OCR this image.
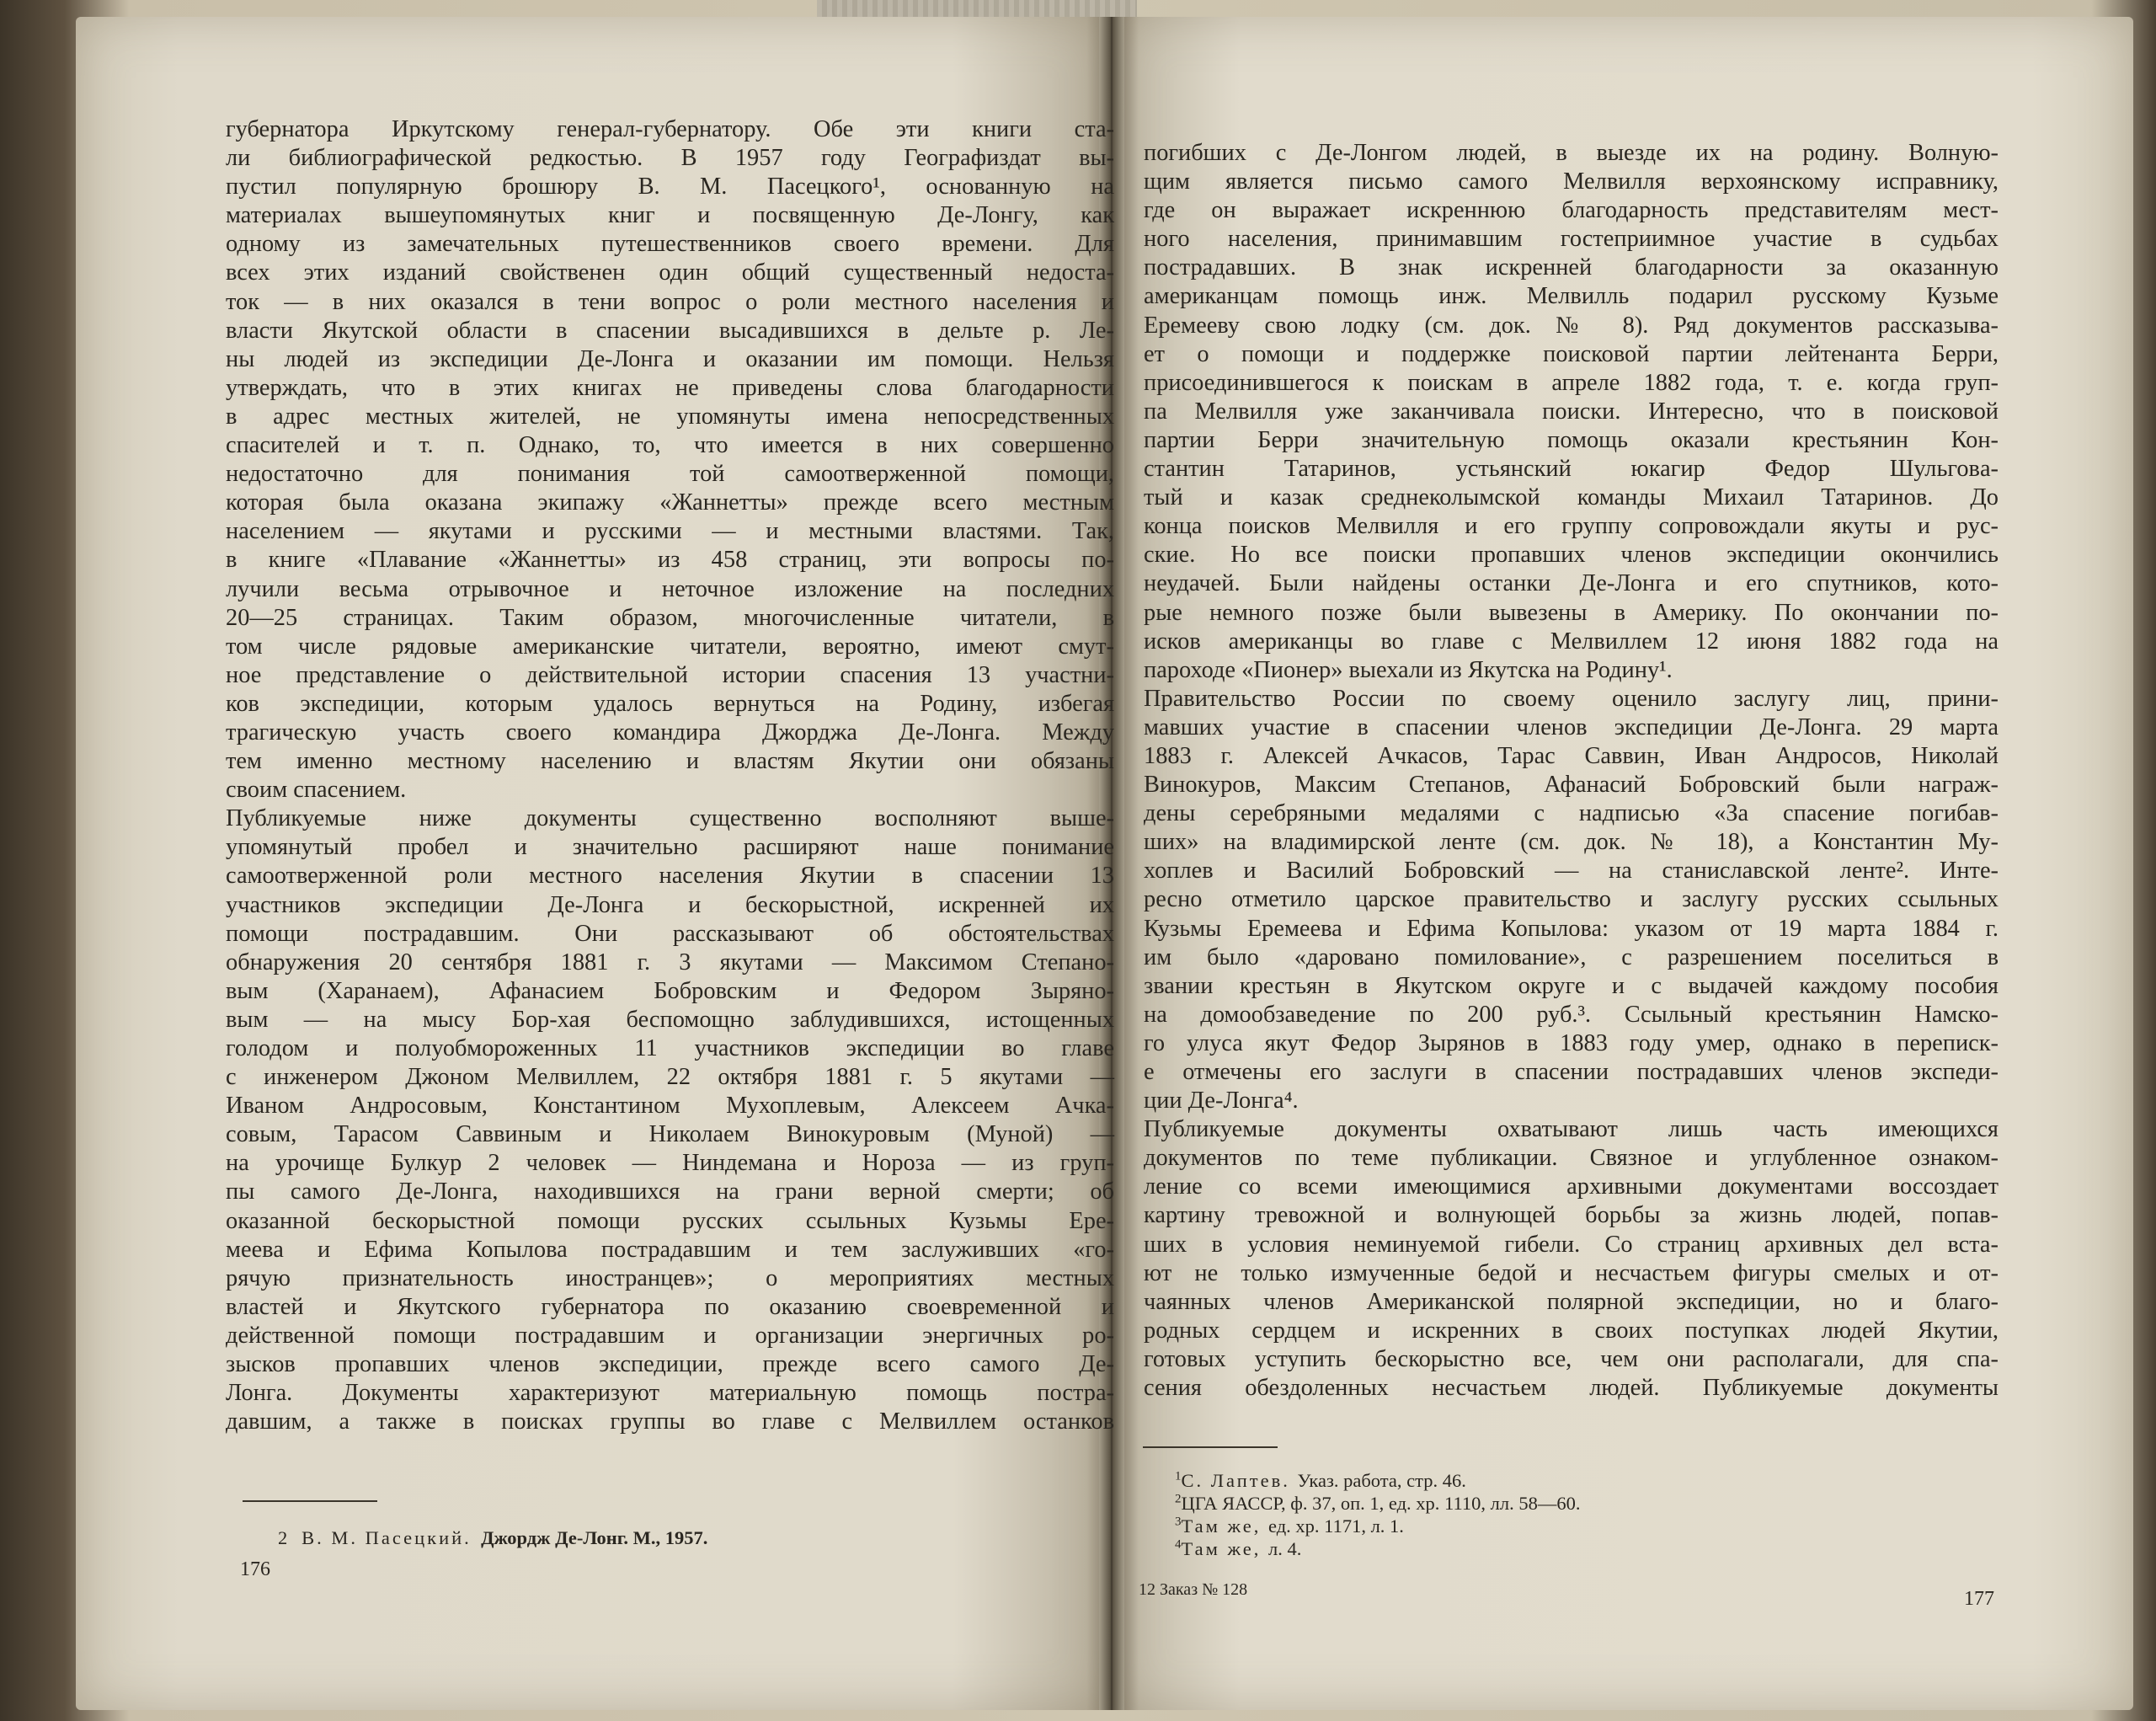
губернатора Иркутскому генерал-губернатору. Обе эти книги ста-
ли библиографической редкостью. В 1957 году Географиздат вы-
пустил популярную брошюру В. М. Пасецкого¹, основанную на
материалах вышеупомянутых книг и посвященную Де-Лонгу, как
одному из замечательных путешественников своего времени. Для
всех этих изданий свойственен один общий существенный недоста-
ток — в них оказался в тени вопрос о роли местного населения и
власти Якутской области в спасении высадившихся в дельте р. Ле-
ны людей из экспедиции Де-Лонга и оказании им помощи. Нельзя
утверждать, что в этих книгах не приведены слова благодарности
в адрес местных жителей, не упомянуты имена непосредственных
спасителей и т. п. Однако, то, что имеется в них совершенно
недостаточно для понимания той самоотверженной помощи,
которая была оказана экипажу «Жаннетты» прежде всего местным
населением — якутами и русскими — и местными властями. Так,
в книге «Плавание «Жаннетты» из 458 страниц, эти вопросы по-
лучили весьма отрывочное и неточное изложение на последних
20—25 страницах. Таким образом, многочисленные читатели, в
том числе рядовые американские читатели, вероятно, имеют смут-
ное представление о действительной истории спасения 13 участни-
ков экспедиции, которым удалось вернуться на Родину, избегая
трагическую участь своего командира Джорджа Де-Лонга. Между
тем именно местному населению и властям Якутии они обязаны
своим спасением.
Публикуемые ниже документы существенно восполняют выше-
упомянутый пробел и значительно расширяют наше понимание
самоотверженной роли местного населения Якутии в спасении 13
участников экспедиции Де-Лонга и бескорыстной, искренней их
помощи пострадавшим. Они рассказывают об обстоятельствах
обнаружения 20 сентября 1881 г. 3 якутами — Максимом Степано-
вым (Харанаем), Афанасием Бобровским и Федором Зыряно-
вым — на мысу Бор-хая беспомощно заблудившихся, истощенных
голодом и полуобмороженных 11 участников экспедиции во главе
с инженером Джоном Мелвиллем, 22 октября 1881 г. 5 якутами —
Иваном Андросовым, Константином Мухоплевым, Алексеем Ачка-
совым, Тарасом Саввиным и Николаем Винокуровым (Муной) —
на урочище Булкур 2 человек — Ниндемана и Нороза — из груп-
пы самого Де-Лонга, находившихся на грани верной смерти; об
оказанной бескорыстной помощи русских ссыльных Кузьмы Ере-
меева и Ефима Копылова пострадавшим и тем заслуживших «го-
рячую признательность иностранцев»; о мероприятиях местных
властей и Якутского губернатора по оказанию своевременной и
действенной помощи пострадавшим и организации энергичных ро-
зысков пропавших членов экспедиции, прежде всего самого Де-
Лонга. Документы характеризуют материальную помощь постра-
давшим, а также в поисках группы во главе с Мелвиллем останков
2 В. М. Пасецкий. Джордж Де-Лонг. М., 1957.
176
погибших с Де-Лонгом людей, в выезде их на родину. Волную-
щим является письмо самого Мелвилля верхоянскому исправнику,
где он выражает искреннюю благодарность представителям мест-
ного населения, принимавшим гостеприимное участие в судьбах
пострадавших. В знак искренней благодарности за оказанную
американцам помощь инж. Мелвилль подарил русскому Кузьме
Еремееву свою лодку (см. док. № 8). Ряд документов рассказыва-
ет о помощи и поддержке поисковой партии лейтенанта Берри,
присоединившегося к поискам в апреле 1882 года, т. е. когда груп-
па Мелвилля уже заканчивала поиски. Интересно, что в поисковой
партии Берри значительную помощь оказали крестьянин Кон-
стантин Татаринов, устьянский юкагир Федор Шульговa-
тый и казак среднеколымской команды Михаил Татаринов. До
конца поисков Мелвилля и его группу сопровождали якуты и рус-
ские. Но все поиски пропавших членов экспедиции окончились
неудачей. Были найдены останки Де-Лонга и его спутников, кото-
рые немного позже были вывезены в Америку. По окончании по-
исков американцы во главе с Мелвиллем 12 июня 1882 года на
пароходе «Пионер» выехали из Якутска на Родину¹.
Правительство России по своему оценило заслугу лиц, прини-
мавших участие в спасении членов экспедиции Де-Лонга. 29 марта
1883 г. Алексей Ачкасов, Тарас Саввин, Иван Андросов, Николай
Винокуров, Максим Степанов, Афанасий Бобровский были награж-
дены серебряными медалями с надписью «За спасение погибав-
ших» на владимирской ленте (см. док. № 18), а Константин Му-
хоплев и Василий Бобровский — на станиславской ленте². Инте-
ресно отметило царское правительство и заслугу русских ссыльных
Кузьмы Еремеева и Ефима Копылова: указом от 19 марта 1884 г.
им было «даровано помилование», с разрешением поселиться в
звании крестьян в Якутском округе и с выдачей каждому пособия
на домообзаведение по 200 руб.³. Ссыльный крестьянин Намско-
го улуса якут Федор Зырянов в 1883 году умер, однако в переписк-
е отмечены его заслуги в спасении пострадавших членов экспеди-
ции Де-Лонга⁴.
Публикуемые документы охватывают лишь часть имеющихся
документов по теме публикации. Связное и углубленное ознаком-
ление со всеми имеющимися архивными документами воссоздает
картину тревожной и волнующей борьбы за жизнь людей, попав-
ших в условия неминуемой гибели. Со страниц архивных дел вста-
ют не только измученные бедой и несчастьем фигуры смелых и от-
чаянных членов Американской полярной экспедиции, но и благо-
родных сердцем и искренних в своих поступках людей Якутии,
готовых уступить бескорыстно все, чем они располагали, для спа-
сения обездоленных несчастьем людей. Публикуемые документы
$^1$С. Лаптев. Указ. работа, стр. 46.
$^2$ЦГА ЯАССР, ф. 37, оп. 1, ед. хр. 1110, лл. 58—60.
$^3$Там же, ед. хр. 1171, л. 1.
$^4$Там же, л. 4.
12 Заказ № 128	177
